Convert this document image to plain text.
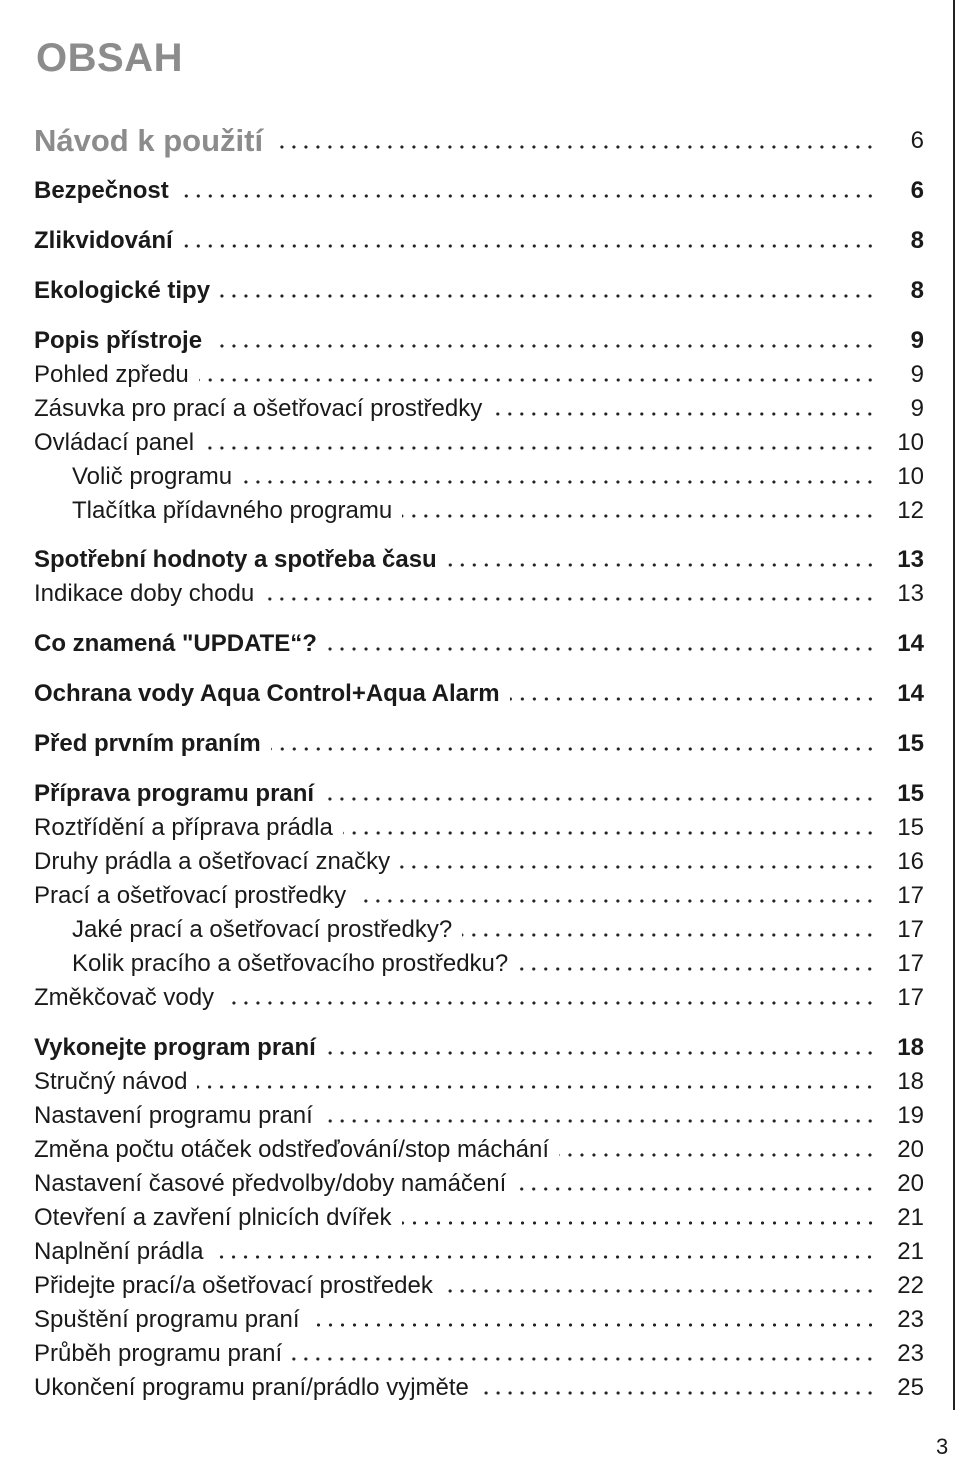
OBSAH
Návod k použití	6
Bezpečnost	6
Zlikvidování	8
Ekologické tipy	8
Popis přístroje	9
Pohled zpředu	9
Zásuvka pro prací a ošetřovací prostředky	9
Ovládací panel	10
Volič programu	10
Tlačítka přídavného programu	12
Spotřební hodnoty a spotřeba času	13
Indikace doby chodu	13
Co znamená "UPDATE“?	14
Ochrana vody Aqua Control+Aqua Alarm	14
Před prvním praním	15
Příprava programu praní	15
Roztřídění a příprava prádla	15
Druhy prádla a ošetřovací značky	16
Prací a ošetřovací prostředky	17
Jaké prací a ošetřovací prostředky?	17
Kolik pracího a ošetřovacího prostředku?	17
Změkčovač vody	17
Vykonejte program praní	18
Stručný návod	18
Nastavení programu praní	19
Změna počtu otáček odstřeďování/stop máchání	20
Nastavení časové předvolby/doby namáčení	20
Otevření a zavření plnicích dvířek	21
Naplnění prádla	21
Přidejte prací/a ošetřovací prostředek	22
Spuštění programu praní	23
Průběh programu praní	23
Ukončení programu praní/prádlo vyjměte	25
3
